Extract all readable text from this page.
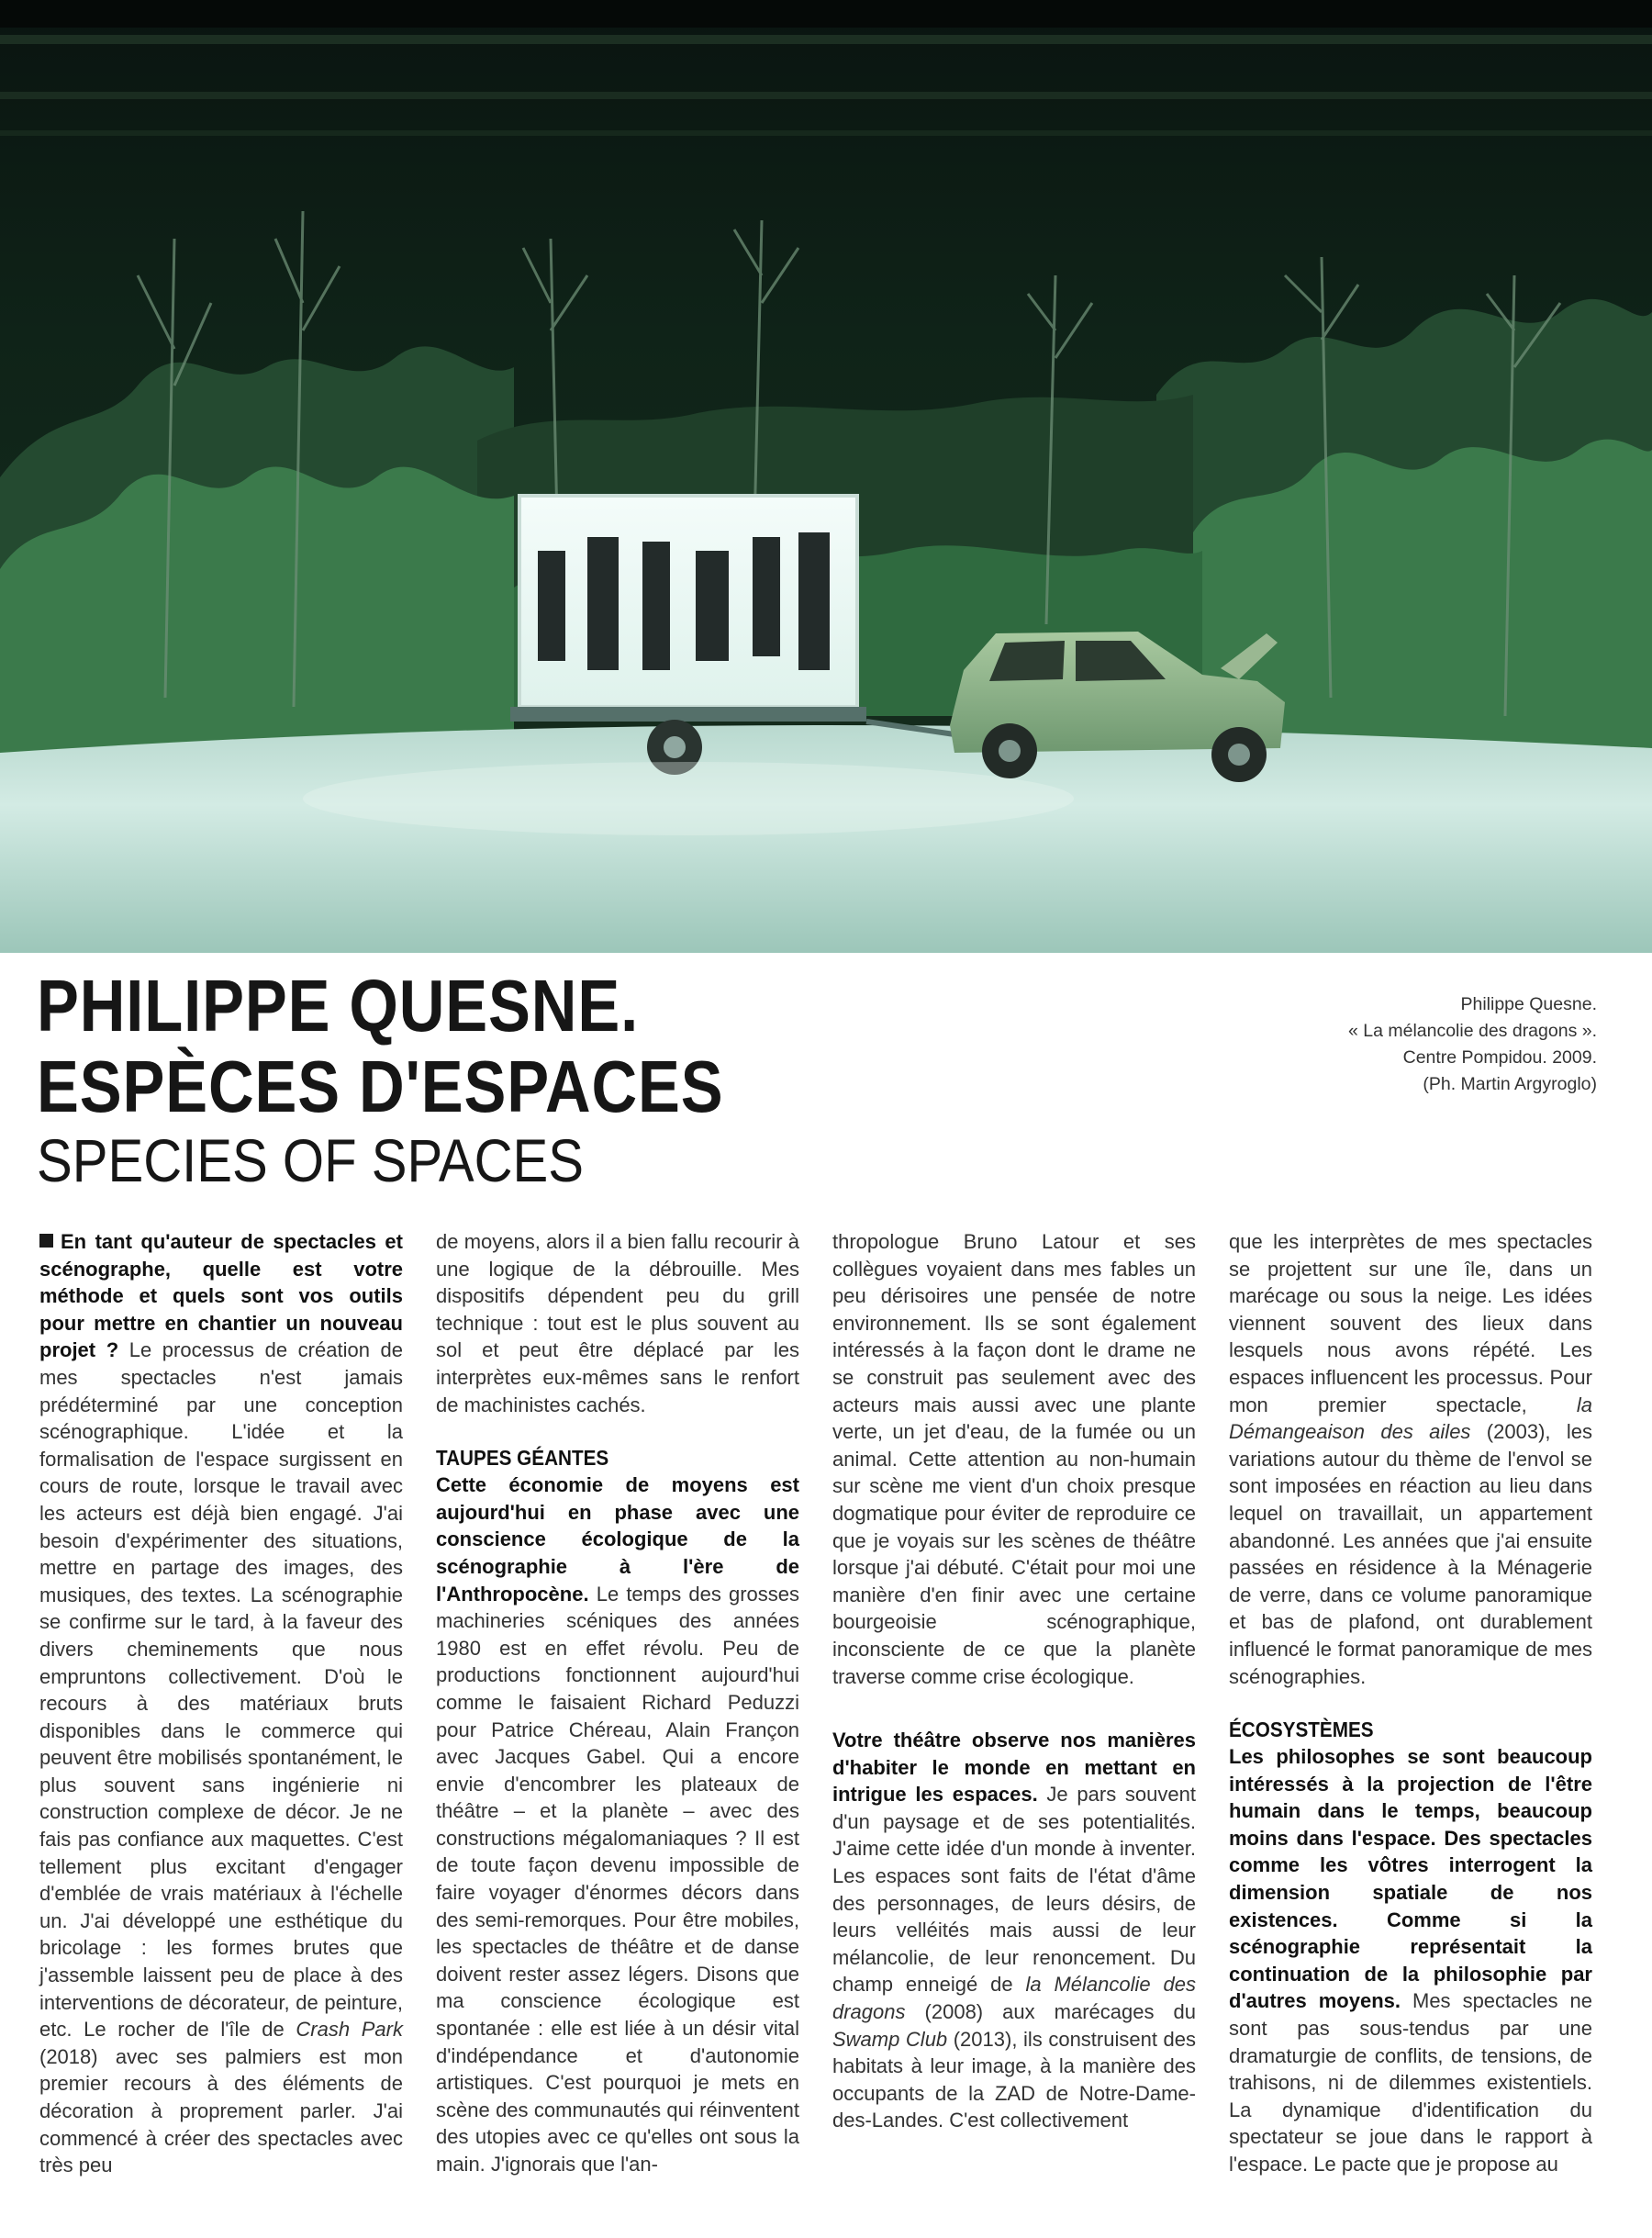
PHILIPPE QUESNE.
ESPÈCES D'ESPACES
SPECIES OF SPACES
Philippe Quesne.
« La mélancolie des dragons ».
Centre Pompidou. 2009.
(Ph. Martin Argyroglo)

En tant qu'auteur de spectacles et scénographe, quelle est votre méthode et quels sont vos outils pour mettre en chantier un nouveau projet ? Le processus de création de mes spectacles n'est jamais prédéterminé par une conception scénographique. L'idée et la formalisation de l'espace surgissent en cours de route, lorsque le travail avec les acteurs est déjà bien engagé. J'ai besoin d'expérimenter des situations, mettre en partage des images, des musiques, des textes. La scénographie se confirme sur le tard, à la faveur des divers cheminements que nous empruntons collectivement. D'où le recours à des matériaux bruts disponibles dans le commerce qui peuvent être mobilisés spontanément, le plus souvent sans ingénierie ni construction complexe de décor. Je ne fais pas confiance aux maquettes. C'est tellement plus excitant d'engager d'emblée de vrais matériaux à l'échelle un. J'ai développé une esthétique du bricolage : les formes brutes que j'assemble laissent peu de place à des interventions de décorateur, de peinture, etc. Le rocher de l'île de Crash Park (2018) avec ses palmiers est mon premier recours à des éléments de décoration à proprement parler. J'ai commencé à créer des spectacles avec très peu

de moyens, alors il a bien fallu recourir à une logique de la débrouille. Mes dispositifs dépendent peu du grill technique : tout est le plus souvent au sol et peut être déplacé par les interprètes eux-mêmes sans le renfort de machinistes cachés.

TAUPES GÉANTES

Cette économie de moyens est aujourd'hui en phase avec une conscience écologique de la scénographie à l'ère de l'Anthropocène. Le temps des grosses machineries scéniques des années 1980 est en effet révolu. Peu de productions fonctionnent aujourd'hui comme le faisaient Richard Peduzzi pour Patrice Chéreau, Alain Françon avec Jacques Gabel. Qui a encore envie d'encombrer les plateaux de théâtre – et la planète – avec des constructions mégalomaniaques ? Il est de toute façon devenu impossible de faire voyager d'énormes décors dans des semi-remorques. Pour être mobiles, les spectacles de théâtre et de danse doivent rester assez légers. Disons que ma conscience écologique est spontanée : elle est liée à un désir vital d'indépendance et d'autonomie artistiques. C'est pourquoi je mets en scène des communautés qui réinventent des utopies avec ce qu'elles ont sous la main. J'ignorais que l'an-

thropologue Bruno Latour et ses collègues voyaient dans mes fables un peu dérisoires une pensée de notre environnement. Ils se sont également intéressés à la façon dont le drame ne se construit pas seulement avec des acteurs mais aussi avec une plante verte, un jet d'eau, de la fumée ou un animal. Cette attention au non-humain sur scène me vient d'un choix presque dogmatique pour éviter de reproduire ce que je voyais sur les scènes de théâtre lorsque j'ai débuté. C'était pour moi une manière d'en finir avec une certaine bourgeoisie scénographique, inconsciente de ce que la planète traverse comme crise écologique.

Votre théâtre observe nos manières d'habiter le monde en mettant en intrigue les espaces. Je pars souvent d'un paysage et de ses potentialités. J'aime cette idée d'un monde à inventer. Les espaces sont faits de l'état d'âme des personnages, de leurs désirs, de leurs velléités mais aussi de leur mélancolie, de leur renoncement. Du champ enneigé de la Mélancolie des dragons (2008) aux marécages du Swamp Club (2013), ils construisent des habitats à leur image, à la manière des occupants de la ZAD de Notre-Dame-des-Landes. C'est collectivement

que les interprètes de mes spectacles se projettent sur une île, dans un marécage ou sous la neige. Les idées viennent souvent des lieux dans lesquels nous avons répété. Les espaces influencent les processus. Pour mon premier spectacle, la Démangeaison des ailes (2003), les variations autour du thème de l'envol se sont imposées en réaction au lieu dans lequel on travaillait, un appartement abandonné. Les années que j'ai ensuite passées en résidence à la Ménagerie de verre, dans ce volume panoramique et bas de plafond, ont durablement influencé le format panoramique de mes scénographies.

ÉCOSYSTÈMES

Les philosophes se sont beaucoup intéressés à la projection de l'être humain dans le temps, beaucoup moins dans l'espace. Des spectacles comme les vôtres interrogent la dimension spatiale de nos existences. Comme si la scénographie représentait la continuation de la philosophie par d'autres moyens. Mes spectacles ne sont pas sous-tendus par une dramaturgie de conflits, de tensions, de trahisons, ni de dilemmes existentiels. La dynamique d'identification du spectateur se joue dans le rapport à l'espace. Le pacte que je propose au
